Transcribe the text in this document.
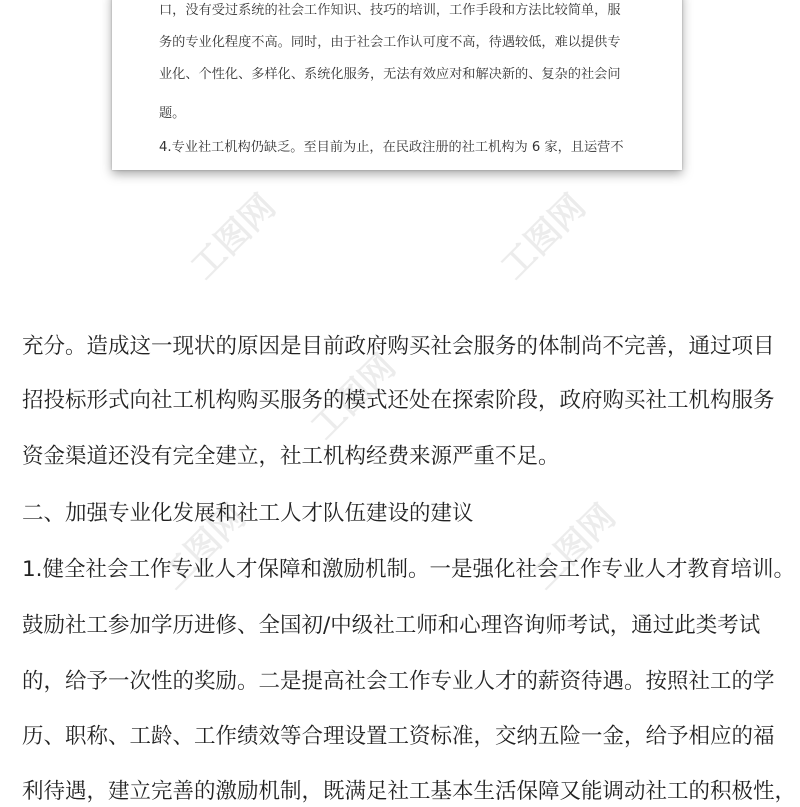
口，没有受过系统的社会工作知识、技巧的培训，工作手段和方法比较简单，服
务的专业化程度不高。同时，由于社会工作认可度不高，待遇较低，难以提供专
业化、个性化、多样化、系统化服务，无法有效应对和解决新的、复杂的社会问
题。
4.专业社工机构仍缺乏。至目前为止，在民政注册的社工机构为 6 家，且运营不
工图网	工图网
工图网
工图网
工图网
充分。造成这一现状的原因是目前政府购买社会服务的体制尚不完善，通过项目
招投标形式向社工机构购买服务的模式还处在探索阶段，政府购买社工机构服务
资金渠道还没有完全建立，社工机构经费来源严重不足。
二、加强专业化发展和社工人才队伍建设的建议
1.健全社会工作专业人才保障和激励机制。一是强化社会工作专业人才教育培训。
鼓励社工参加学历进修、全国初/中级社工师和心理咨询师考试，通过此类考试
的，给予一次性的奖励。二是提高社会工作专业人才的薪资待遇。按照社工的学
历、职称、工龄、工作绩效等合理设置工资标准，交纳五险一金，给予相应的福
利待遇，建立完善的激励机制，既满足社工基本生活保障又能调动社工的积极性，
